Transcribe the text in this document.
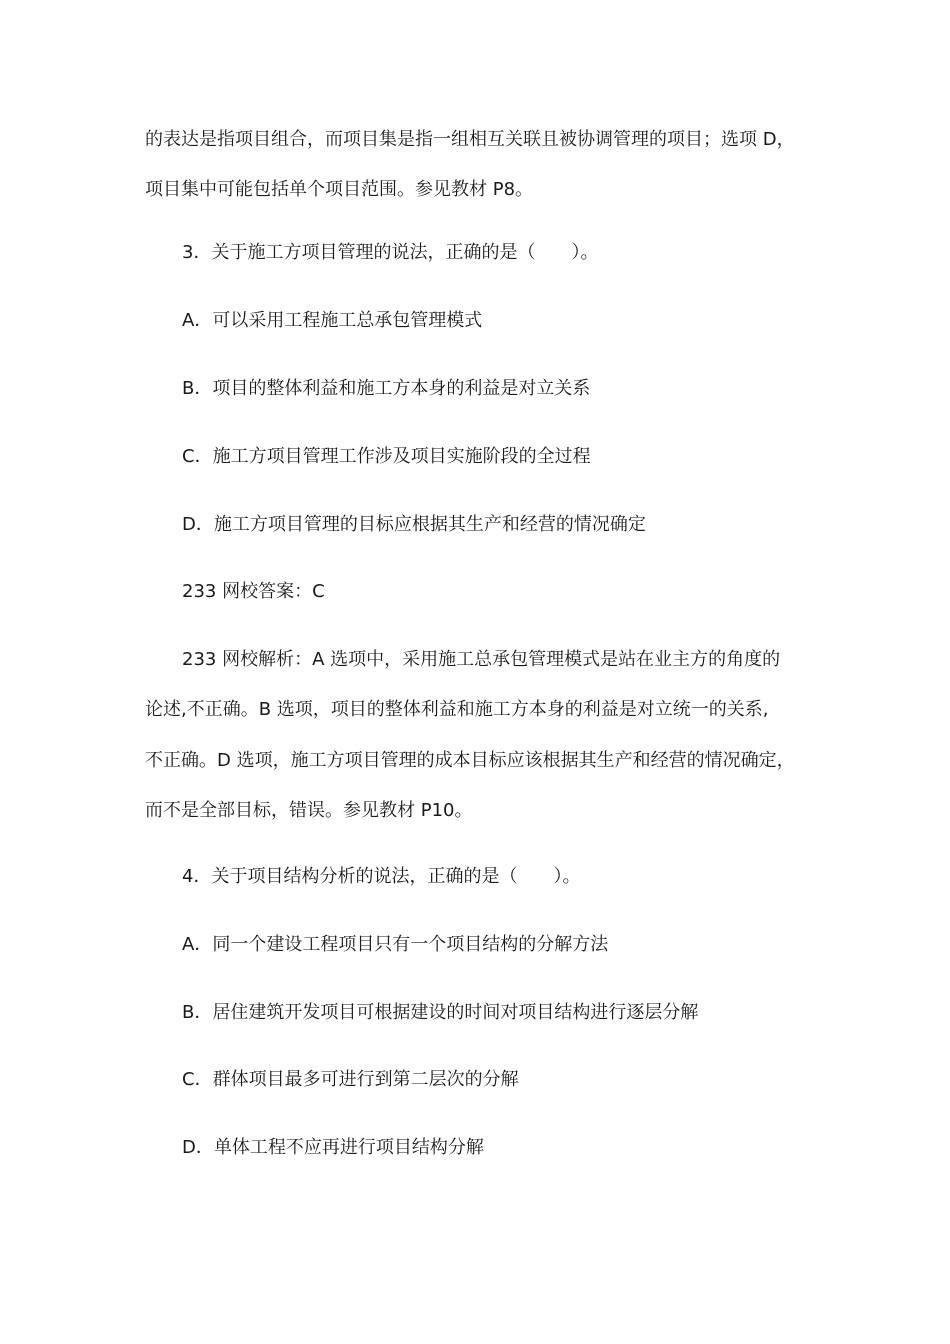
的表达是指项目组合，而项目集是指一组相互关联且被协调管理的项目；选项 D，

项目集中可能包括单个项目范围。参见教材 P8。

3．关于施工方项目管理的说法，正确的是（　　）。

A．可以采用工程施工总承包管理模式

B．项目的整体利益和施工方本身的利益是对立关系

C．施工方项目管理工作涉及项目实施阶段的全过程

D．施工方项目管理的目标应根据其生产和经营的情况确定

233 网校答案：C

233 网校解析：A 选项中，采用施工总承包管理模式是站在业主方的角度的

论述,不正确。B 选项，项目的整体利益和施工方本身的利益是对立统一的关系,

不正确。D 选项，施工方项目管理的成本目标应该根据其生产和经营的情况确定，

而不是全部目标，错误。参见教材 P10。

4．关于项目结构分析的说法，正确的是（　　）。

A．同一个建设工程项目只有一个项目结构的分解方法

B．居住建筑开发项目可根据建设的时间对项目结构进行逐层分解

C．群体项目最多可进行到第二层次的分解

D．单体工程不应再进行项目结构分解
